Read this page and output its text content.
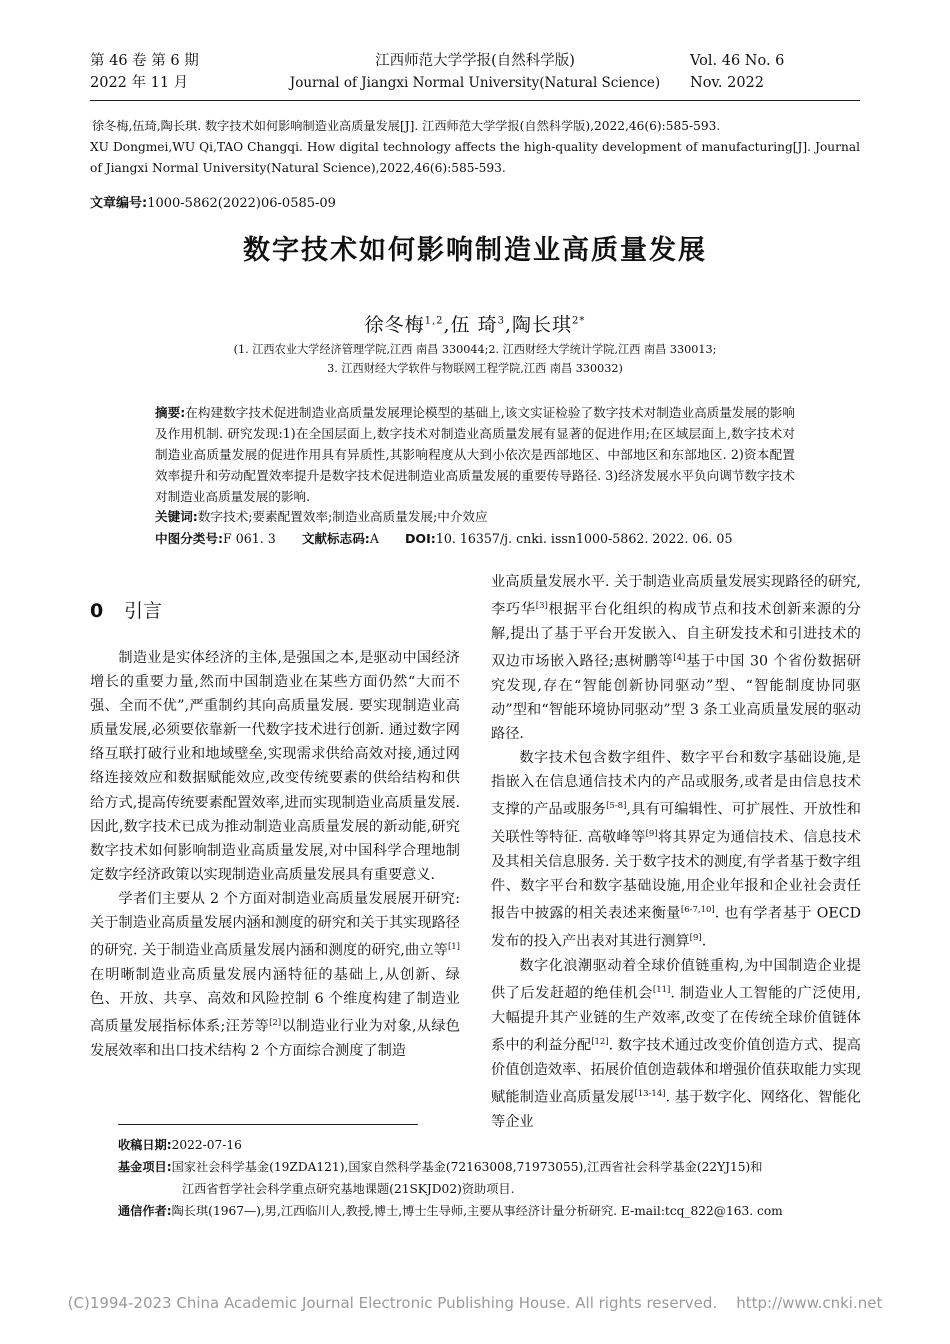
第 46 卷 第 6 期
2022 年 11 月
江西师范大学学报(自然科学版)
Journal of Jiangxi Normal University(Natural Science)
Vol. 46 No. 6
Nov. 2022
徐冬梅,伍琦,陶长琪. 数字技术如何影响制造业高质量发展[J]. 江西师范大学学报(自然科学版),2022,46(6):585-593.
XU Dongmei,WU Qi,TAO Changqi. How digital technology affects the high-quality development of manufacturing[J]. Journal of Jiangxi Normal University(Natural Science),2022,46(6):585-593.
文章编号:1000-5862(2022)06-0585-09
数字技术如何影响制造业高质量发展
徐冬梅$^{1,2}$,伍 琦$^3$,陶长琪$^{2*}$
(1. 江西农业大学经济管理学院,江西 南昌 330044;2. 江西财经大学统计学院,江西 南昌 330013;
3. 江西财经大学软件与物联网工程学院,江西 南昌 330032)
摘要:在构建数字技术促进制造业高质量发展理论模型的基础上,该文实证检验了数字技术对制造业高质量发展的影响及作用机制. 研究发现:1)在全国层面上,数字技术对制造业高质量发展有显著的促进作用;在区域层面上,数字技术对制造业高质量发展的促进作用具有异质性,其影响程度从大到小依次是西部地区、中部地区和东部地区. 2)资本配置效率提升和劳动配置效率提升是数字技术促进制造业高质量发展的重要传导路径. 3)经济发展水平负向调节数字技术对制造业高质量发展的影响.
关键词:数字技术;要素配置效率;制造业高质量发展;中介效应
中图分类号:F 061. 3 文献标志码:A DOI:10. 16357/j. cnki. issn1000-5862. 2022. 06. 05
0 引言

制造业是实体经济的主体,是强国之本,是驱动中国经济增长的重要力量,然而中国制造业在某些方面仍然“大而不强、全而不优”,严重制约其向高质量发展. 要实现制造业高质量发展,必须要依靠新一代数字技术进行创新. 通过数字网络互联打破行业和地域壁垒,实现需求供给高效对接,通过网络连接效应和数据赋能效应,改变传统要素的供给结构和供给方式,提高传统要素配置效率,进而实现制造业高质量发展. 因此,数字技术已成为推动制造业高质量发展的新动能,研究数字技术如何影响制造业高质量发展,对中国科学合理地制定数字经济政策以实现制造业高质量发展具有重要意义.

学者们主要从 2 个方面对制造业高质量发展展开研究:关于制造业高质量发展内涵和测度的研究和关于其实现路径的研究. 关于制造业高质量发展内涵和测度的研究,曲立等[1]在明晰制造业高质量发展内涵特征的基础上,从创新、绿色、开放、共享、高效和风险控制 6 个维度构建了制造业高质量发展指标体系;汪芳等[2]以制造业行业为对象,从绿色发展效率和出口技术结构 2 个方面综合测度了制造

业高质量发展水平. 关于制造业高质量发展实现路径的研究,李巧华[3]根据平台化组织的构成节点和技术创新来源的分解,提出了基于平台开发嵌入、自主研发技术和引进技术的双边市场嵌入路径;惠树鹏等[4]基于中国 30 个省份数据研究发现,存在“智能创新协同驱动”型、“智能制度协同驱动”型和“智能环境协同驱动”型 3 条工业高质量发展的驱动路径.

数字技术包含数字组件、数字平台和数字基础设施,是指嵌入在信息通信技术内的产品或服务,或者是由信息技术支撑的产品或服务[5-8],具有可编辑性、可扩展性、开放性和关联性等特征. 高敬峰等[9]将其界定为通信技术、信息技术及其相关信息服务. 关于数字技术的测度,有学者基于数字组件、数字平台和数字基础设施,用企业年报和企业社会责任报告中披露的相关表述来衡量[6-7,10]. 也有学者基于 OECD 发布的投入产出表对其进行测算[9].

数字化浪潮驱动着全球价值链重构,为中国制造企业提供了后发赶超的绝佳机会[11]. 制造业人工智能的广泛使用,大幅提升其产业链的生产效率,改变了在传统全球价值链体系中的利益分配[12]. 数字技术通过改变价值创造方式、提高价值创造效率、拓展价值创造载体和增强价值获取能力实现赋能制造业高质量发展[13-14]. 基于数字化、网络化、智能化等企业

收稿日期:2022-07-16
基金项目:国家社会科学基金(19ZDA121),国家自然科学基金(72163008,71973055),江西省社会科学基金(22YJ15)和
江西省哲学社会科学重点研究基地课题(21SKJD02)资助项目.
通信作者:陶长琪(1967—),男,江西临川人,教授,博士,博士生导师,主要从事经济计量分析研究. E-mail:tcq_822@163. com
(C)1994-2023 China Academic Journal Electronic Publishing House. All rights reserved.    http://www.cnki.net
